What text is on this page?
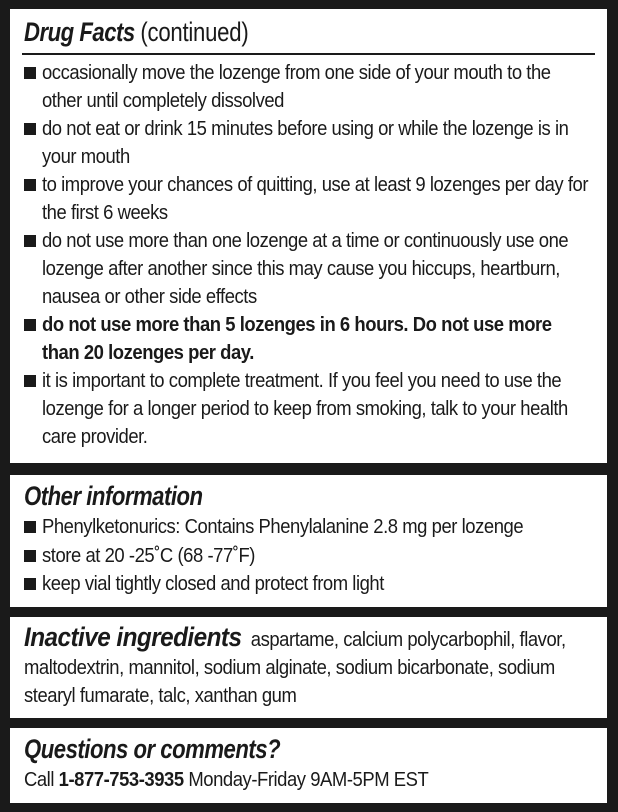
Drug Facts (continued)
occasionally move the lozenge from one side of your mouth to the other until completely dissolved
do not eat or drink 15 minutes before using or while the lozenge is in your mouth
to improve your chances of quitting, use at least 9 lozenges per day for the first 6 weeks
do not use more than one lozenge at a time or continuously use one lozenge after another since this may cause you hiccups, heartburn, nausea or other side effects
do not use more than 5 lozenges in 6 hours. Do not use more than 20 lozenges per day.
it is important to complete treatment. If you feel you need to use the lozenge for a longer period to keep from smoking, talk to your health care provider.
Other information
Phenylketonurics: Contains Phenylalanine 2.8 mg per lozenge
store at 20 -25˚C (68 -77˚F)
keep vial tightly closed and protect from light
Inactive ingredients aspartame, calcium polycarbophil, flavor, maltodextrin, mannitol, sodium alginate, sodium bicarbonate, sodium stearyl fumarate, talc, xanthan gum
Questions or comments?
Call 1-877-753-3935 Monday-Friday 9AM-5PM EST
